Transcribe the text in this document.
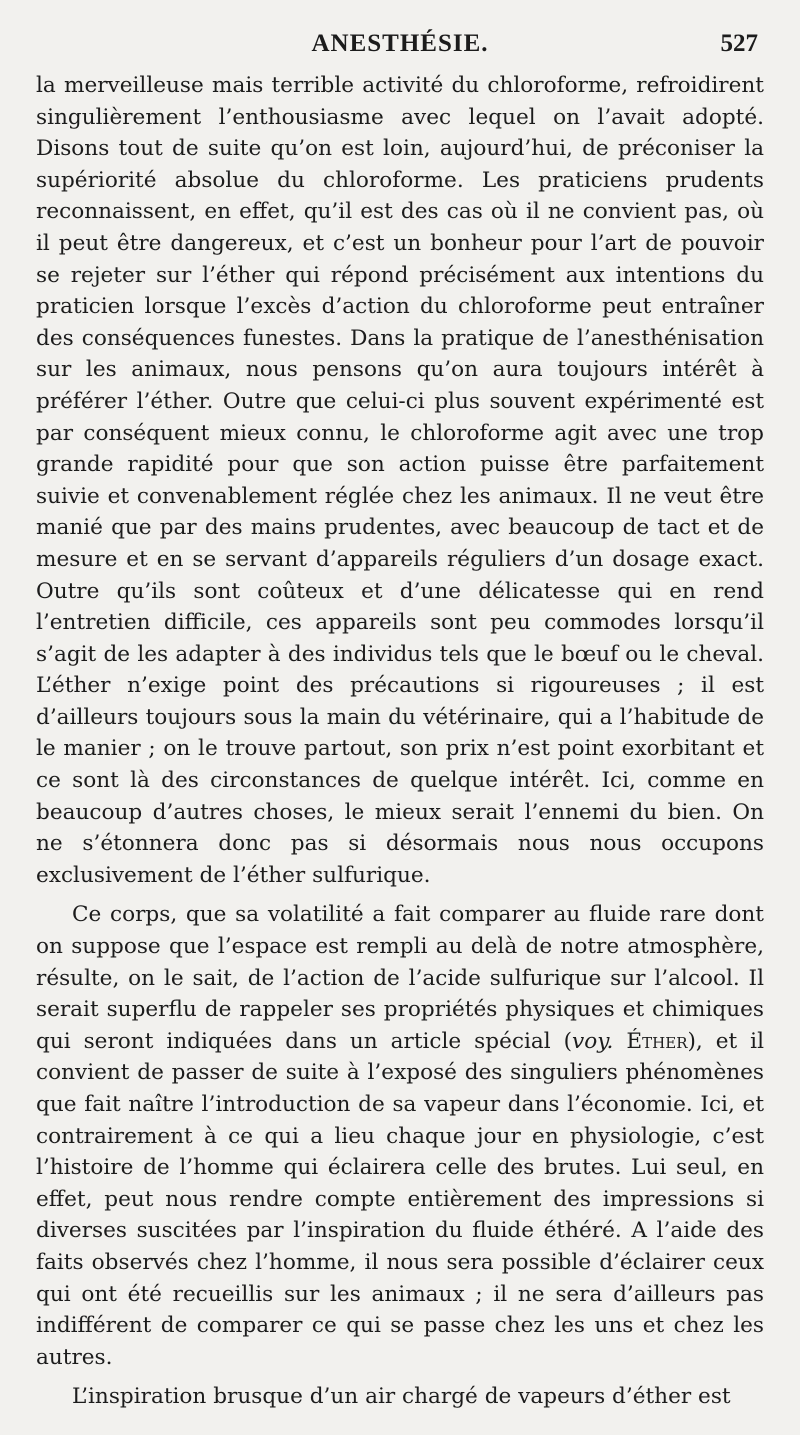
ANESTHÉSIE.	527

la merveilleuse mais terrible activité du chloroforme, refroidirent singulièrement l’enthousiasme avec lequel on l’avait adopté. Disons tout de suite qu’on est loin, aujourd’hui, de préconiser la supériorité absolue du chloroforme. Les praticiens prudents reconnaissent, en effet, qu’il est des cas où il ne convient pas, où il peut être dangereux, et c’est un bonheur pour l’art de pouvoir se rejeter sur l’éther qui répond précisément aux intentions du praticien lorsque l’excès d’action du chloroforme peut entraîner des conséquences funestes. Dans la pratique de l’anesthénisation sur les animaux, nous pensons qu’on aura toujours intérêt à préférer l’éther. Outre que celui-ci plus souvent expérimenté est par conséquent mieux connu, le chloroforme agit avec une trop grande rapidité pour que son action puisse être parfaitement suivie et convenablement réglée chez les animaux. Il ne veut être manié que par des mains prudentes, avec beaucoup de tact et de mesure et en se servant d’appareils réguliers d’un dosage exact. Outre qu’ils sont coûteux et d’une délicatesse qui en rend l’entretien difficile, ces appareils sont peu commodes lorsqu’il s’agit de les adapter à des individus tels que le bœuf ou le cheval. L’éther n’exige point des précautions si rigoureuses ; il est d’ailleurs toujours sous la main du vétérinaire, qui a l’habitude de le manier ; on le trouve partout, son prix n’est point exorbitant et ce sont là des circonstances de quelque intérêt. Ici, comme en beaucoup d’autres choses, le mieux serait l’ennemi du bien. On ne s’étonnera donc pas si désormais nous nous occupons exclusivement de l’éther sulfurique.

Ce corps, que sa volatilité a fait comparer au fluide rare dont on suppose que l’espace est rempli au delà de notre atmosphère, résulte, on le sait, de l’action de l’acide sulfurique sur l’alcool. Il serait superflu de rappeler ses propriétés physiques et chimiques qui seront indiquées dans un article spécial (voy. Éther), et il convient de passer de suite à l’exposé des singuliers phénomènes que fait naître l’introduction de sa vapeur dans l’économie. Ici, et contrairement à ce qui a lieu chaque jour en physiologie, c’est l’histoire de l’homme qui éclairera celle des brutes. Lui seul, en effet, peut nous rendre compte entièrement des impressions si diverses suscitées par l’inspiration du fluide éthéré. A l’aide des faits observés chez l’homme, il nous sera possible d’éclairer ceux qui ont été recueillis sur les animaux ; il ne sera d’ailleurs pas indifférent de comparer ce qui se passe chez les uns et chez les autres.

L’inspiration brusque d’un air chargé de vapeurs d’éther est
